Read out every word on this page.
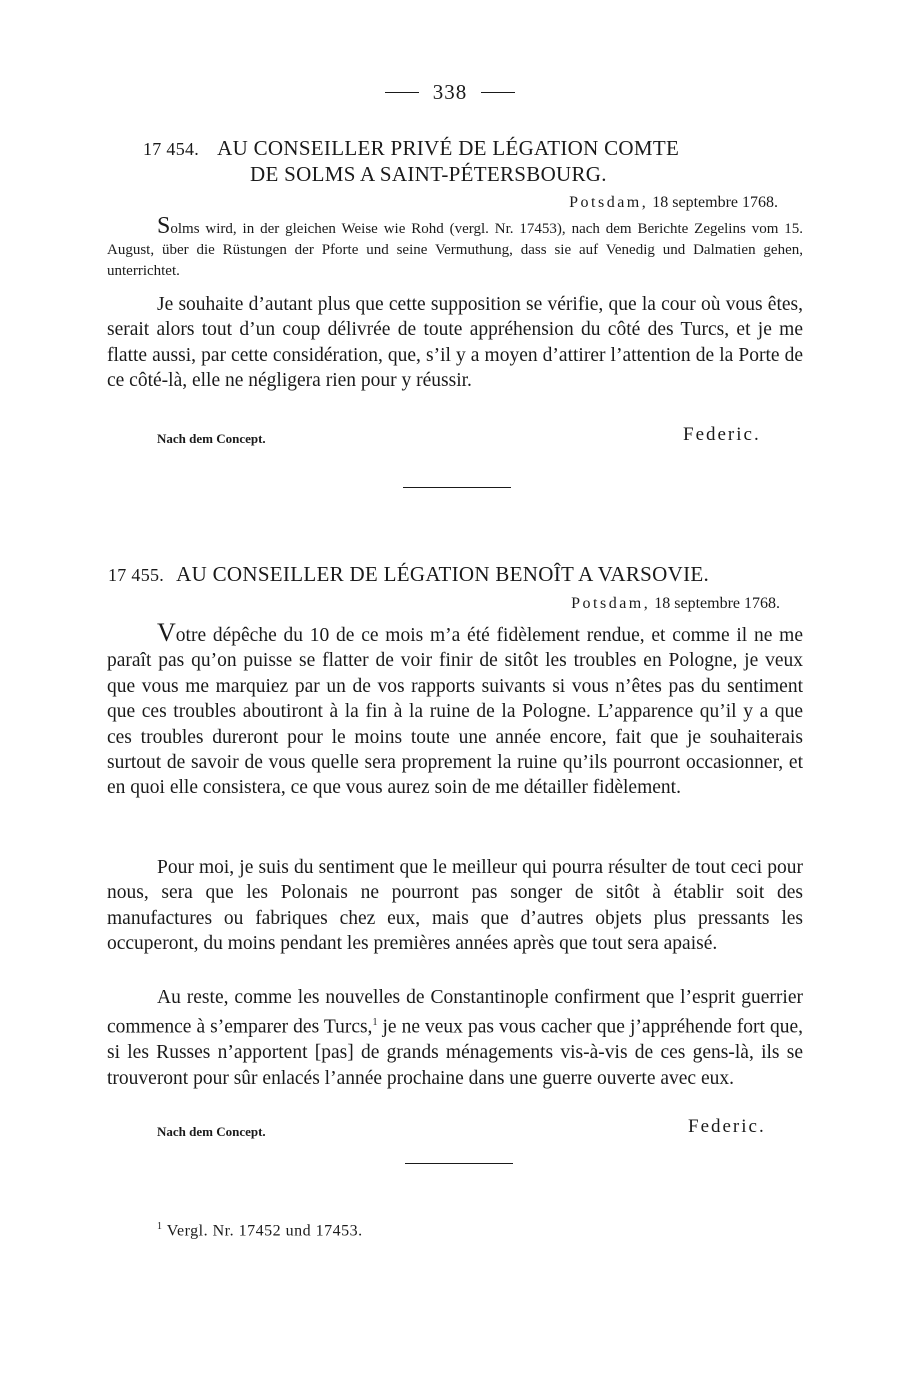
338
17 454. AU CONSEILLER PRIVÉ DE LÉGATION COMTE
DE SOLMS A SAINT-PÉTERSBOURG.
Potsdam, 18 septembre 1768.
Solms wird, in der gleichen Weise wie Rohd (vergl. Nr. 17453), nach dem Berichte Zegelins vom 15. August, über die Rüstungen der Pforte und seine Vermuthung, dass sie auf Venedig und Dalmatien gehen, unterrichtet.

Je souhaite d’autant plus que cette supposition se vérifie, que la cour où vous êtes, serait alors tout d’un coup délivrée de toute appréhension du côté des Turcs, et je me flatte aussi, par cette considération, que, s’il y a moyen d’attirer l’attention de la Porte de ce côté-là, elle ne négligera rien pour y réussir.

Nach dem Concept.	Federic.
17 455. AU CONSEILLER DE LÉGATION BENOÎT A VARSOVIE.
Potsdam, 18 septembre 1768.

Votre dépêche du 10 de ce mois m’a été fidèlement rendue, et comme il ne me paraît pas qu’on puisse se flatter de voir finir de sitôt les troubles en Pologne, je veux que vous me marquiez par un de vos rapports suivants si vous n’êtes pas du sentiment que ces troubles aboutiront à la fin à la ruine de la Pologne. L’apparence qu’il y a que ces troubles dureront pour le moins toute une année encore, fait que je souhaiterais surtout de savoir de vous quelle sera proprement la ruine qu’ils pourront occasionner, et en quoi elle consistera, ce que vous aurez soin de me détailler fidèlement.

Pour moi, je suis du sentiment que le meilleur qui pourra résulter de tout ceci pour nous, sera que les Polonais ne pourront pas songer de sitôt à établir soit des manufactures ou fabriques chez eux, mais que d’autres objets plus pressants les occuperont, du moins pendant les premières années après que tout sera apaisé.

Au reste, comme les nouvelles de Constantinople confirment que l’esprit guerrier commence à s’emparer des Turcs,$^1$ je ne veux pas vous cacher que j’appréhende fort que, si les Russes n’apportent [pas] de grands ménagements vis-à-vis de ces gens-là, ils se trouveront pour sûr enlacés l’année prochaine dans une guerre ouverte avec eux.

Nach dem Concept.	Federic.
$^1$ Vergl. Nr. 17452 und 17453.
